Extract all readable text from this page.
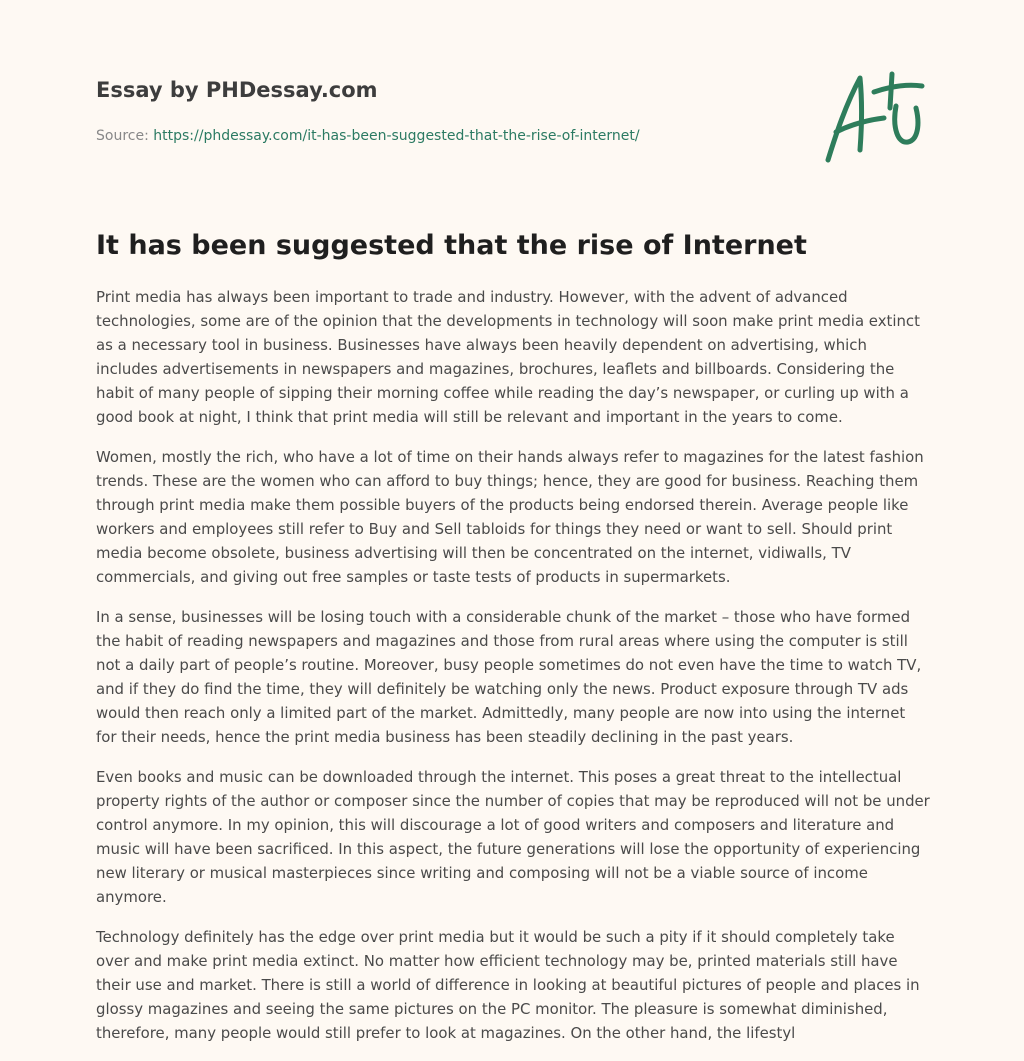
Essay by PHDessay.com
Source: https://phdessay.com/it-has-been-suggested-that-the-rise-of-internet/
It has been suggested that the rise of Internet

Print media has always been important to trade and industry. However, with the advent of advanced technologies, some are of the opinion that the developments in technology will soon make print media extinct as a necessary tool in business. Businesses have always been heavily dependent on advertising, which includes advertisements in newspapers and magazines, brochures, leaflets and billboards. Considering the habit of many people of sipping their morning coffee while reading the day’s newspaper, or curling up with a good book at night, I think that print media will still be relevant and important in the years to come.

Women, mostly the rich, who have a lot of time on their hands always refer to magazines for the latest fashion trends. These are the women who can afford to buy things; hence, they are good for business. Reaching them through print media make them possible buyers of the products being endorsed therein. Average people like workers and employees still refer to Buy and Sell tabloids for things they need or want to sell. Should print media become obsolete, business advertising will then be concentrated on the internet, vidiwalls, TV commercials, and giving out free samples or taste tests of products in supermarkets.

In a sense, businesses will be losing touch with a considerable chunk of the market – those who have formed the habit of reading newspapers and magazines and those from rural areas where using the computer is still not a daily part of people’s routine. Moreover, busy people sometimes do not even have the time to watch TV, and if they do find the time, they will definitely be watching only the news. Product exposure through TV ads would then reach only a limited part of the market. Admittedly, many people are now into using the internet for their needs, hence the print media business has been steadily declining in the past years.

Even books and music can be downloaded through the internet. This poses a great threat to the intellectual property rights of the author or composer since the number of copies that may be reproduced will not be under control anymore. In my opinion, this will discourage a lot of good writers and composers and literature and music will have been sacrificed. In this aspect, the future generations will lose the opportunity of experiencing new literary or musical masterpieces since writing and composing will not be a viable source of income anymore.

Technology definitely has the edge over print media but it would be such a pity if it should completely take over and make print media extinct. No matter how efficient technology may be, printed materials still have their use and market. There is still a world of difference in looking at beautiful pictures of people and places in glossy magazines and seeing the same pictures on the PC monitor. The pleasure is somewhat diminished, therefore, many people would still prefer to look at magazines. On the other hand, the lifestyl
